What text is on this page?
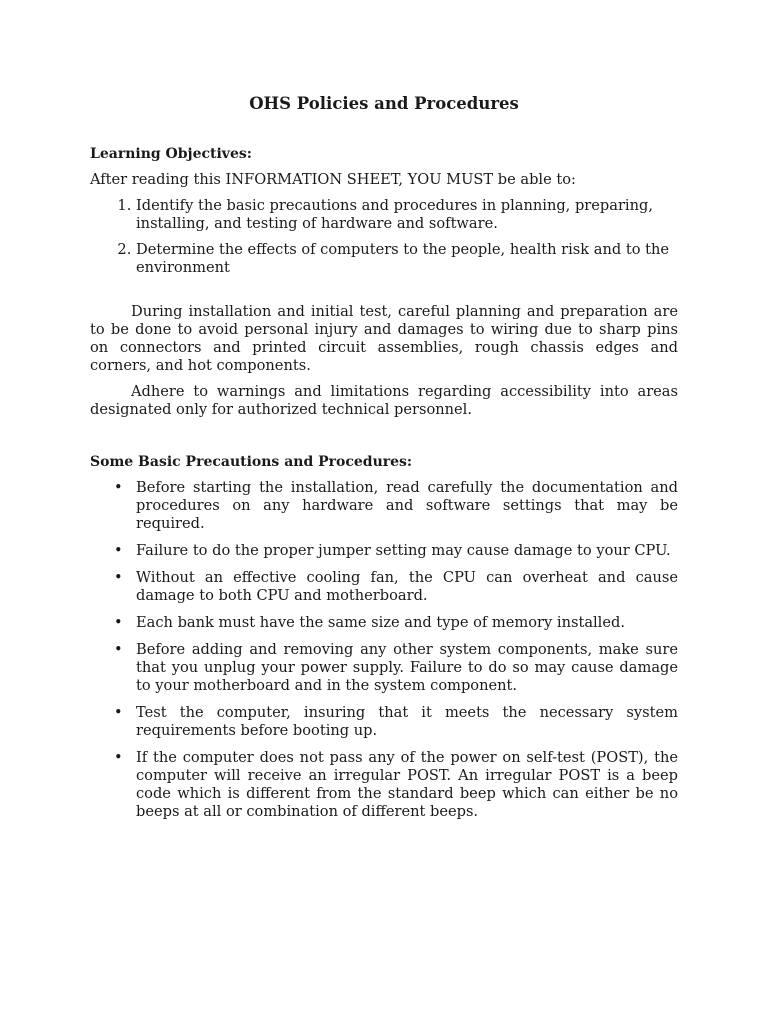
OHS Policies and Procedures

Learning Objectives:

After reading this INFORMATION SHEET, YOU MUST be able to:

1. Identify the basic precautions and procedures in planning, preparing, installing, and testing of hardware and software.
2. Determine the effects of computers to the people, health risk and to the environment

During installation and initial test, careful planning and preparation are to be done to avoid personal injury and damages to wiring due to sharp pins on connectors and printed circuit assemblies, rough chassis edges and corners, and hot components.

Adhere to warnings and limitations regarding accessibility into areas designated only for authorized technical personnel.

Some Basic Precautions and Procedures:

• Before starting the installation, read carefully the documentation and procedures on any hardware and software settings that may be required.
• Failure to do the proper jumper setting may cause damage to your CPU.
• Without an effective cooling fan, the CPU can overheat and cause damage to both CPU and motherboard.
• Each bank must have the same size and type of memory installed.
• Before adding and removing any other system components, make sure that you unplug your power supply. Failure to do so may cause damage to your motherboard and in the system component.
• Test the computer, insuring that it meets the necessary system requirements before booting up.
• If the computer does not pass any of the power on self-test (POST), the computer will receive an irregular POST. An irregular POST is a beep code which is different from the standard beep which can either be no beeps at all or combination of different beeps.
